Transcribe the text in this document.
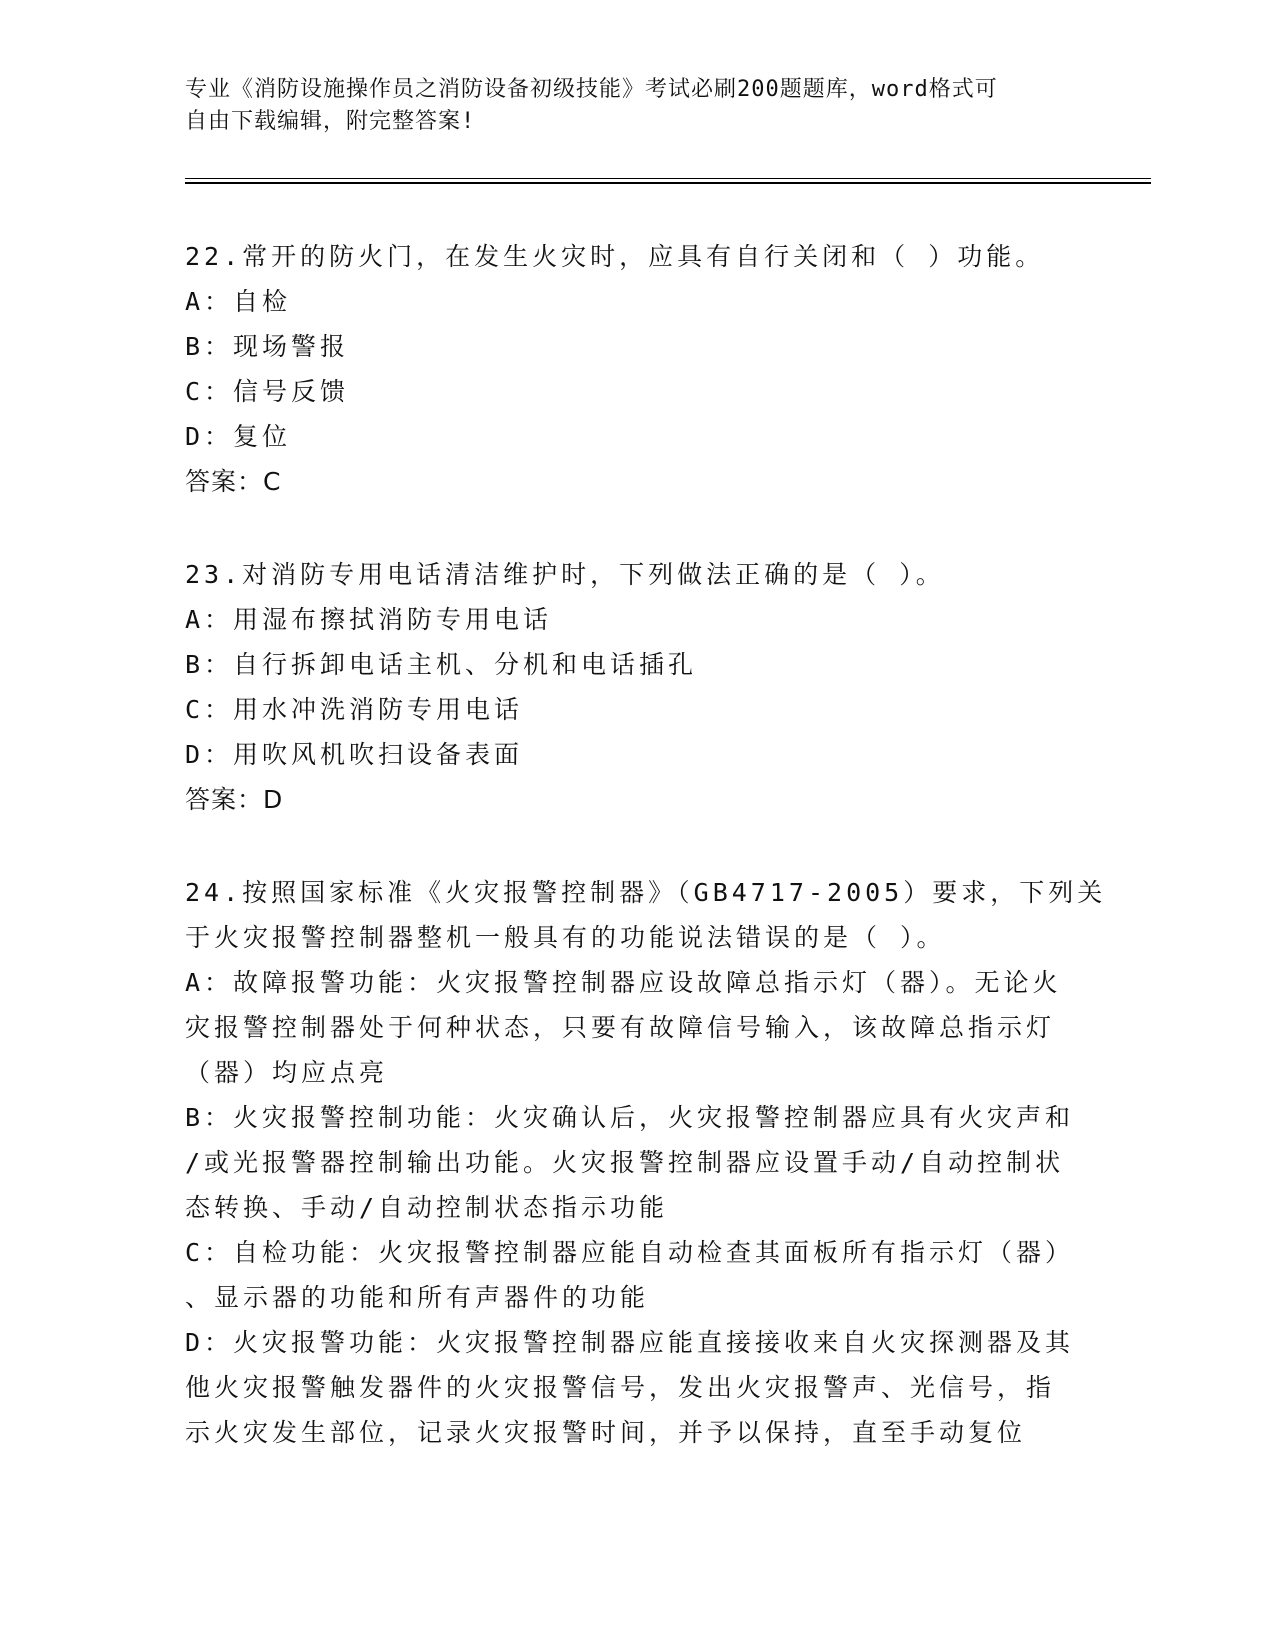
专业《消防设施操作员之消防设备初级技能》考试必刷200题题库，word格式可
自由下载编辑，附完整答案!
22.常开的防火门，在发生火灾时，应具有自行关闭和（ ）功能。
A：自检
B：现场警报
C：信号反馈
D：复位
答案：C
23.对消防专用电话清洁维护时，下列做法正确的是（ ）。
A：用湿布擦拭消防专用电话
B：自行拆卸电话主机、分机和电话插孔
C：用水冲洗消防专用电话
D：用吹风机吹扫设备表面
答案：D
24.按照国家标准《火灾报警控制器》（GB4717-2005）要求，下列关
于火灾报警控制器整机一般具有的功能说法错误的是（ ）。
A：故障报警功能：火灾报警控制器应设故障总指示灯（器）。无论火
灾报警控制器处于何种状态，只要有故障信号输入，该故障总指示灯
（器）均应点亮
B：火灾报警控制功能：火灾确认后，火灾报警控制器应具有火灾声和
/或光报警器控制输出功能。火灾报警控制器应设置手动/自动控制状
态转换、手动/自动控制状态指示功能
C：自检功能：火灾报警控制器应能自动检查其面板所有指示灯（器）
、显示器的功能和所有声器件的功能
D：火灾报警功能：火灾报警控制器应能直接接收来自火灾探测器及其
他火灾报警触发器件的火灾报警信号，发出火灾报警声、光信号，指
示火灾发生部位，记录火灾报警时间，并予以保持，直至手动复位
